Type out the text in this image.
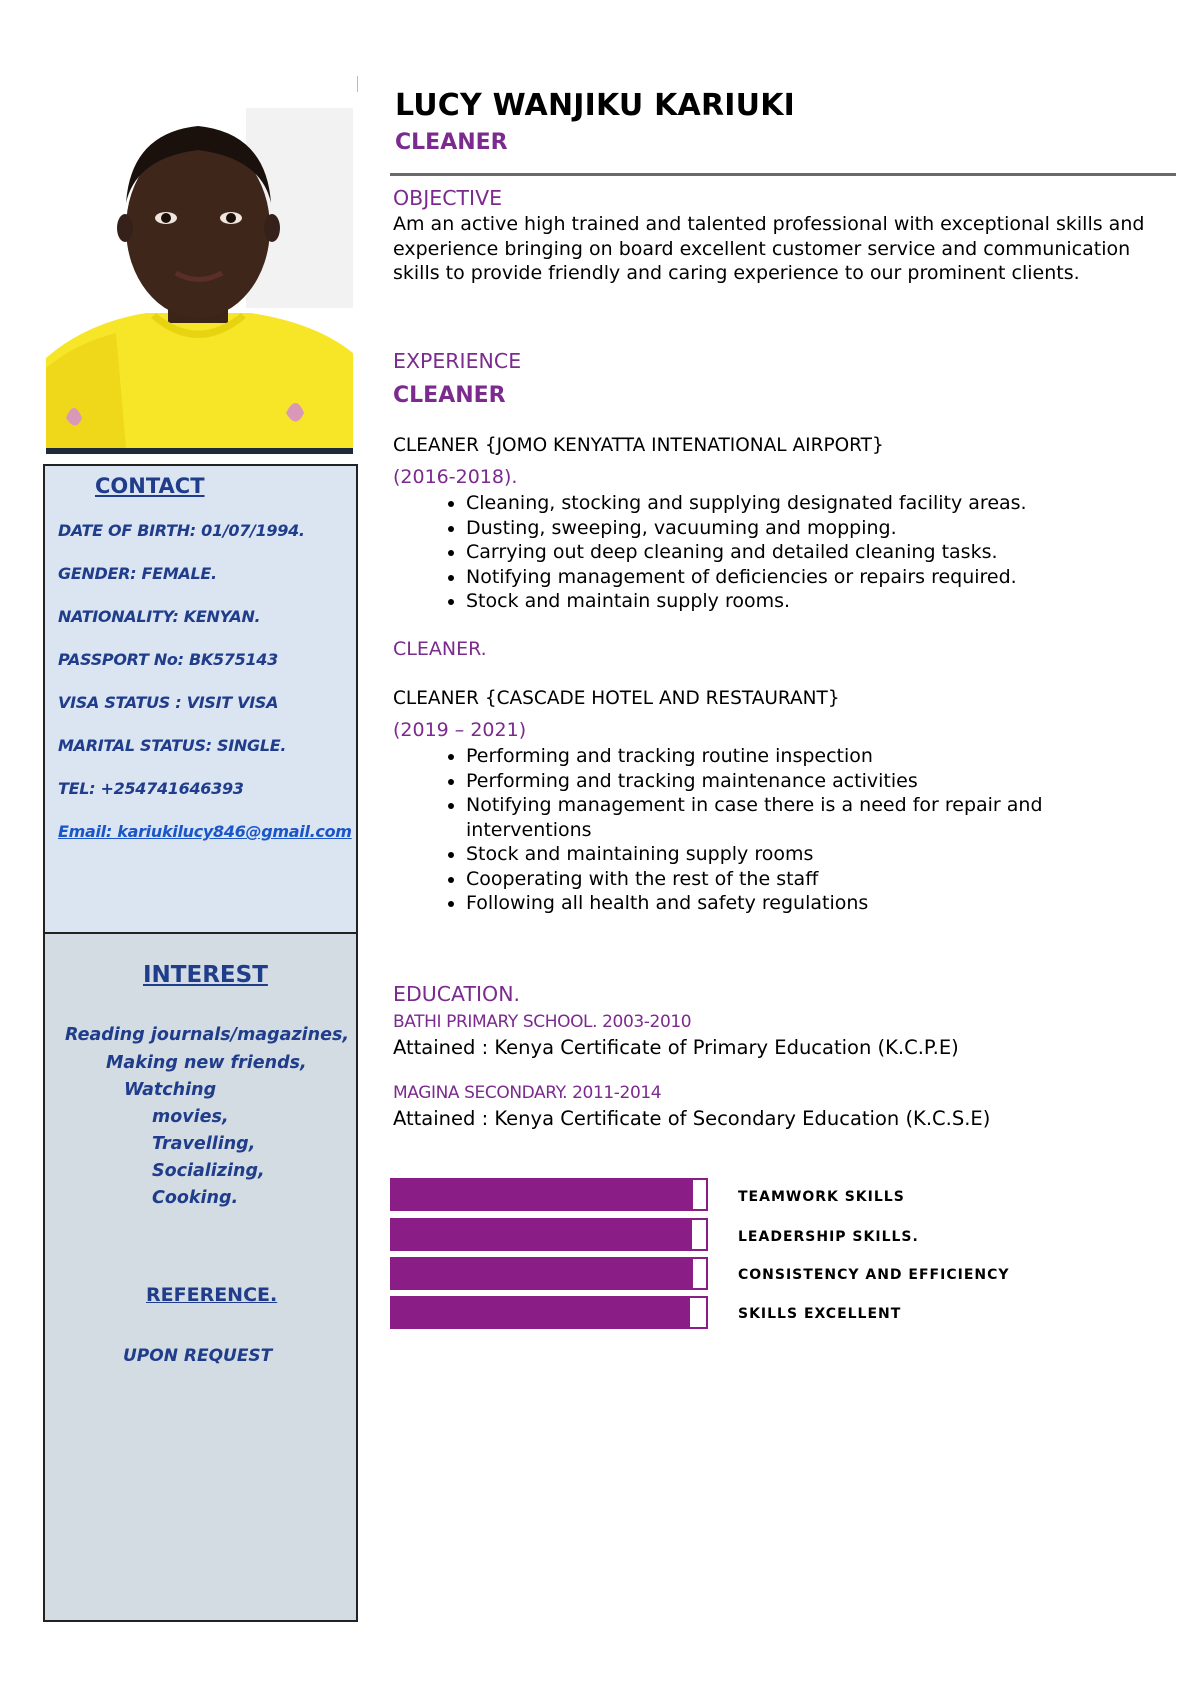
CONTACT
DATE OF BIRTH: 01/07/1994.
GENDER: FEMALE.
NATIONALITY: KENYAN.
PASSPORT No: BK575143
VISA STATUS : VISIT VISA
MARITAL STATUS: SINGLE.
TEL: +254741646393
Email: kariukilucy846@gmail.com
INTEREST
Reading journals/magazines,
Making new friends,
Watching
movies,
Travelling,
Socializing,
Cooking.
REFERENCE.
UPON REQUEST
LUCY WANJIKU KARIUKI
CLEANER
OBJECTIVE
Am an active high trained and talented professional with exceptional skills and experience bringing on board excellent customer service and communication skills to provide friendly and caring experience to our prominent clients.
EXPERIENCE
CLEANER
CLEANER {JOMO KENYATTA INTENATIONAL AIRPORT}
(2016-2018).
• Cleaning, stocking and supplying designated facility areas.
• Dusting, sweeping, vacuuming and mopping.
• Carrying out deep cleaning and detailed cleaning tasks.
• Notifying management of deficiencies or repairs required.
• Stock and maintain supply rooms.
CLEANER.
CLEANER {CASCADE HOTEL AND RESTAURANT}
(2019 – 2021)
• Performing and tracking routine inspection
• Performing and tracking maintenance activities
• Notifying management in case there is a need for repair and interventions
• Stock and maintaining supply rooms
• Cooperating with the rest of the staff
• Following all health and safety regulations
EDUCATION.
BATHI PRIMARY SCHOOL. 2003-2010
Attained : Kenya Certificate of Primary Education (K.C.P.E)
MAGINA SECONDARY. 2011-2014
Attained : Kenya Certificate of Secondary Education (K.C.S.E)
TEAMWORK SKILLS
LEADERSHIP SKILLS.
CONSISTENCY AND EFFICIENCY
SKILLS EXCELLENT
